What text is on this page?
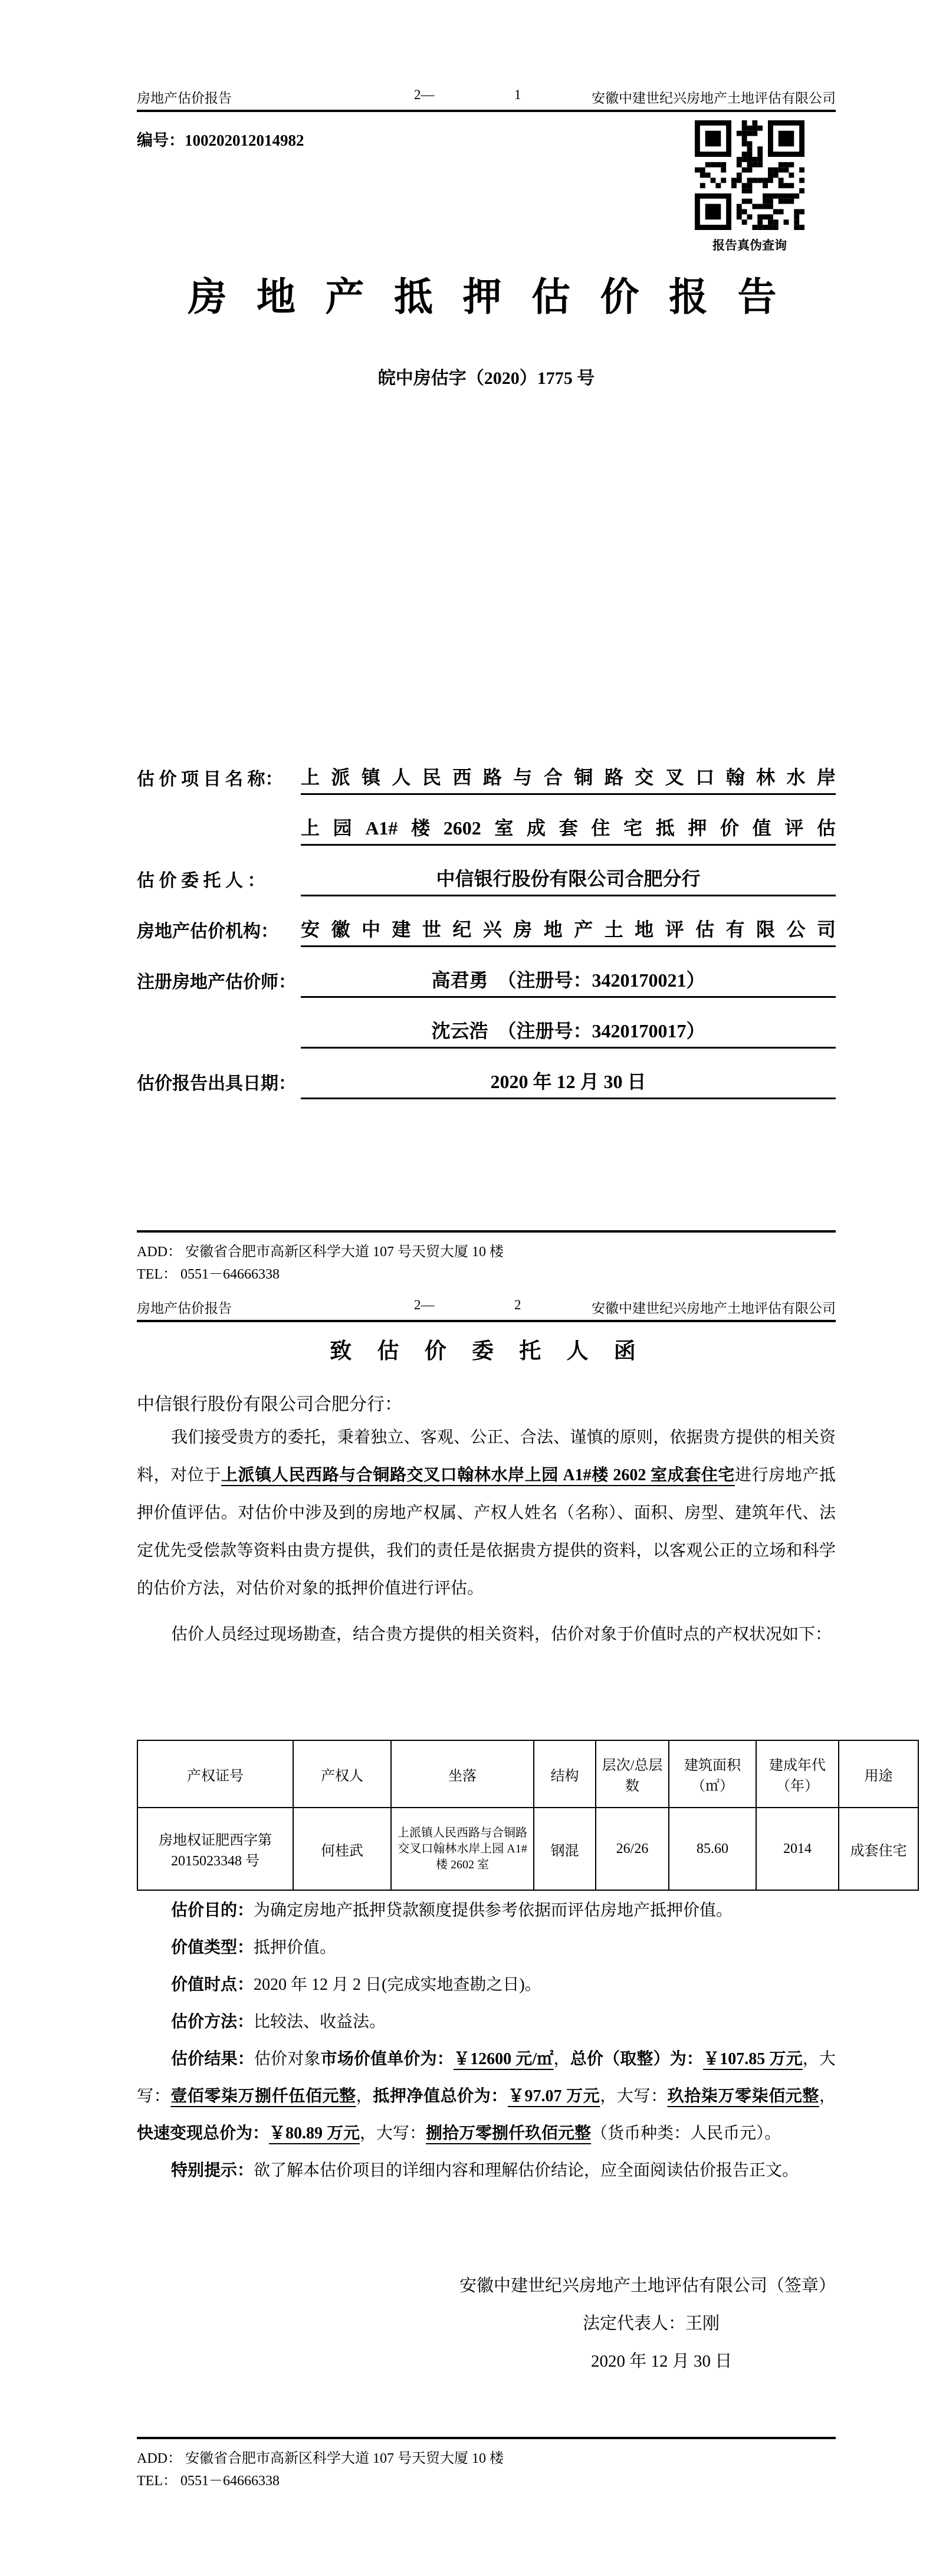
房地产估价报告	2—	1	安徽中建世纪兴房地产土地评估有限公司
编号：100202012014982
报告真伪查询
房 地 产 抵 押 估 价 报 告
皖中房估字（2020）1775 号
估 价 项 目 名 称： 上派镇人民西路与合铜路交叉口翰林水岸
上园A1#楼2602室成套住宅抵押价值评估
估 价 委 托 人 ：	中信银行股份有限公司合肥分行
房地产估价机构：	安徽中建世纪兴房地产土地评估有限公司
注册房地产估价师：	高君勇　（注册号：3420170021）
沈云浩　（注册号：3420170017）
估价报告出具日期：	2020 年 12 月 30 日
ADD： 安徽省合肥市高新区科学大道 107 号天贸大厦 10 楼
TEL： 0551－64666338
房地产估价报告	2—	2	安徽中建世纪兴房地产土地评估有限公司
致 估 价 委 托 人 函
中信银行股份有限公司合肥分行：

我们接受贵方的委托，秉着独立、客观、公正、合法、谨慎的原则，依据贵方提供的相关资料，对位于上派镇人民西路与合铜路交叉口翰林水岸上园 A1#楼 2602 室成套住宅进行房地产抵押价值评估。对估价中涉及到的房地产权属、产权人姓名（名称）、面积、房型、建筑年代、法定优先受偿款等资料由贵方提供，我们的责任是依据贵方提供的资料，以客观公正的立场和科学的估价方法，对估价对象的抵押价值进行评估。

估价人员经过现场勘查，结合贵方提供的相关资料，估价对象于价值时点的产权状况如下：

产权证号	产权人	坐落	结构	层次/总层数	建筑面积（㎡）	建成年代（年）	用途
房地权证肥西字第 2015023348 号	何桂武	上派镇人民西路与合铜路交叉口翰林水岸上园 A1#楼 2602 室	钢混	26/26	85.60	2014	成套住宅

估价目的：为确定房地产抵押贷款额度提供参考依据而评估房地产抵押价值。

价值类型：抵押价值。

价值时点：2020 年 12 月 2 日(完成实地查勘之日)。

估价方法：比较法、收益法。

估价结果：估价对象市场价值单价为：￥12600 元/㎡，总价（取整）为：￥107.85 万元，大写：壹佰零柒万捌仟伍佰元整，抵押净值总价为：￥97.07 万元，大写：玖拾柒万零柒佰元整，快速变现总价为：￥80.89 万元，大写：捌拾万零捌仟玖佰元整（货币种类：人民币元）。

特别提示：欲了解本估价项目的详细内容和理解估价结论，应全面阅读估价报告正文。

安徽中建世纪兴房地产土地评估有限公司（签章）
法定代表人：王刚
2020 年 12 月 30 日
ADD： 安徽省合肥市高新区科学大道 107 号天贸大厦 10 楼
TEL： 0551－64666338
